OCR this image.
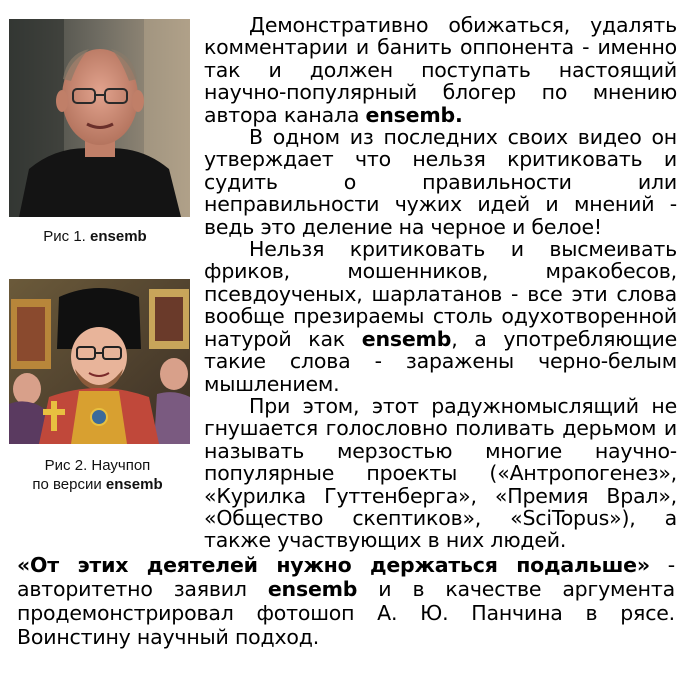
Рис 1. ensemb
Рис 2. Научпоп
по версии ensemb

Демонстративно обижаться, удалять комментарии и банить оппонента - именно так и должен поступать настоящий научно-популярный блогер по мнению автора канала ensemb.

В одном из последних своих видео он утверждает что нельзя критиковать и судить о правильности или неправильности чужих идей и мнений - ведь это деление на черное и белое!

Нельзя критиковать и высмеивать фриков, мошенников, мракобесов, псевдоученых, шарлатанов - все эти слова вообще презираемы столь одухотворенной натурой как ensemb, а употребляющие такие слова - заражены черно-белым мышлением.

При этом, этот радужномыслящий не гнушается голословно поливать дерьмом и называть мерзостью многие научно-популярные проекты («Антропогенез», «Курилка Гуттенберга», «Премия Врал», «Общество скептиков», «SciTopus»), а также участвующих в них людей.

«От этих деятелей нужно держаться подальше» - авторитетно заявил ensemb и в качестве аргумента продемонстрировал фотошоп А. Ю. Панчина в рясе. Воинстину научный подход.
